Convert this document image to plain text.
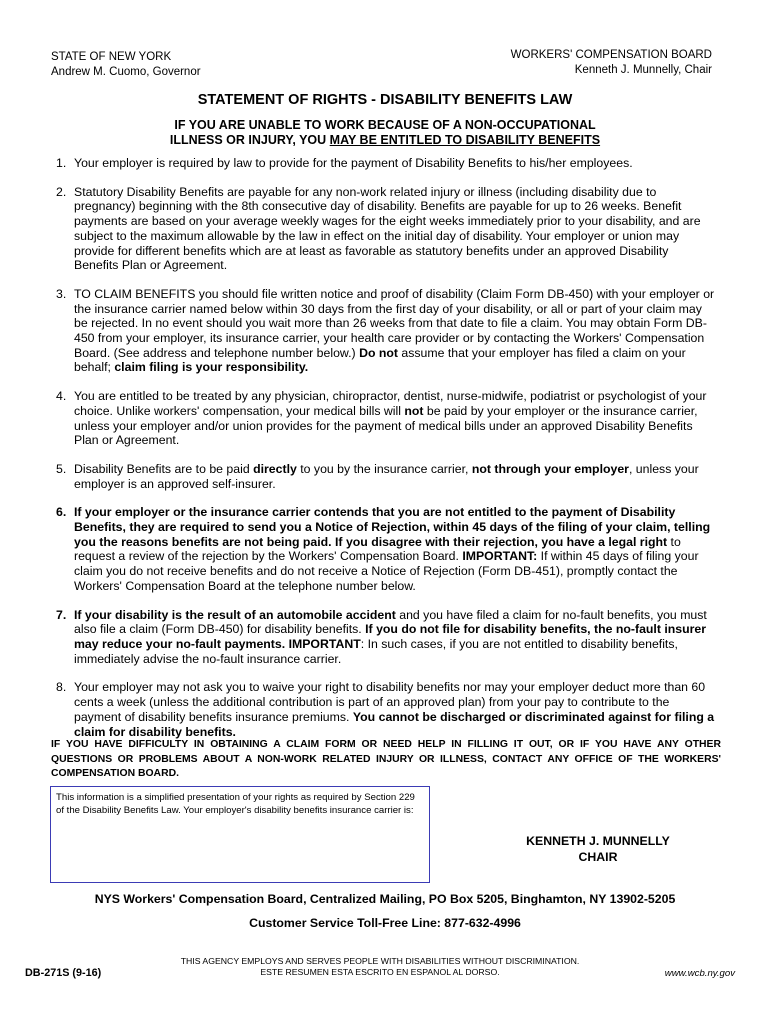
STATE OF NEW YORK
Andrew M. Cuomo, Governor
WORKERS' COMPENSATION BOARD
Kenneth J. Munnelly, Chair
STATEMENT OF RIGHTS - DISABILITY BENEFITS LAW
IF YOU ARE UNABLE TO WORK BECAUSE OF A NON-OCCUPATIONAL
ILLNESS OR INJURY, YOU MAY BE ENTITLED TO DISABILITY BENEFITS
1. Your employer is required by law to provide for the payment of Disability Benefits to his/her employees.
2. Statutory Disability Benefits are payable for any non-work related injury or illness (including disability due to pregnancy) beginning with the 8th consecutive day of disability. Benefits are payable for up to 26 weeks. Benefit payments are based on your average weekly wages for the eight weeks immediately prior to your disability, and are subject to the maximum allowable by the law in effect on the initial day of disability. Your employer or union may provide for different benefits which are at least as favorable as statutory benefits under an approved Disability Benefits Plan or Agreement.
3. TO CLAIM BENEFITS you should file written notice and proof of disability (Claim Form DB-450) with your employer or the insurance carrier named below within 30 days from the first day of your disability, or all or part of your claim may be rejected. In no event should you wait more than 26 weeks from that date to file a claim. You may obtain Form DB-450 from your employer, its insurance carrier, your health care provider or by contacting the Workers' Compensation Board. (See address and telephone number below.) Do not assume that your employer has filed a claim on your behalf; claim filing is your responsibility.
4. You are entitled to be treated by any physician, chiropractor, dentist, nurse-midwife, podiatrist or psychologist of your choice. Unlike workers' compensation, your medical bills will not be paid by your employer or the insurance carrier, unless your employer and/or union provides for the payment of medical bills under an approved Disability Benefits Plan or Agreement.
5. Disability Benefits are to be paid directly to you by the insurance carrier, not through your employer, unless your employer is an approved self-insurer.
6. If your employer or the insurance carrier contends that you are not entitled to the payment of Disability Benefits, they are required to send you a Notice of Rejection, within 45 days of the filing of your claim, telling you the reasons benefits are not being paid. If you disagree with their rejection, you have a legal right to request a review of the rejection by the Workers' Compensation Board. IMPORTANT: If within 45 days of filing your claim you do not receive benefits and do not receive a Notice of Rejection (Form DB-451), promptly contact the Workers' Compensation Board at the telephone number below.
7. If your disability is the result of an automobile accident and you have filed a claim for no-fault benefits, you must also file a claim (Form DB-450) for disability benefits. If you do not file for disability benefits, the no-fault insurer may reduce your no-fault payments. IMPORTANT: In such cases, if you are not entitled to disability benefits, immediately advise the no-fault insurance carrier.
8. Your employer may not ask you to waive your right to disability benefits nor may your employer deduct more than 60 cents a week (unless the additional contribution is part of an approved plan) from your pay to contribute to the payment of disability benefits insurance premiums. You cannot be discharged or discriminated against for filing a claim for disability benefits.
IF YOU HAVE DIFFICULTY IN OBTAINING A CLAIM FORM OR NEED HELP IN FILLING IT OUT, OR IF YOU HAVE ANY OTHER QUESTIONS OR PROBLEMS ABOUT A NON-WORK RELATED INJURY OR ILLNESS, CONTACT ANY OFFICE OF THE WORKERS' COMPENSATION BOARD.
This information is a simplified presentation of your rights as required by Section 229 of the Disability Benefits Law. Your employer's disability benefits insurance carrier is:
KENNETH J. MUNNELLY
CHAIR
NYS Workers' Compensation Board, Centralized Mailing, PO Box 5205, Binghamton, NY 13902-5205
Customer Service Toll-Free Line: 877-632-4996
THIS AGENCY EMPLOYS AND SERVES PEOPLE WITH DISABILITIES WITHOUT DISCRIMINATION.
ESTE RESUMEN ESTA ESCRITO EN ESPANOL AL DORSO.
DB-271S (9-16)	www.wcb.ny.gov
